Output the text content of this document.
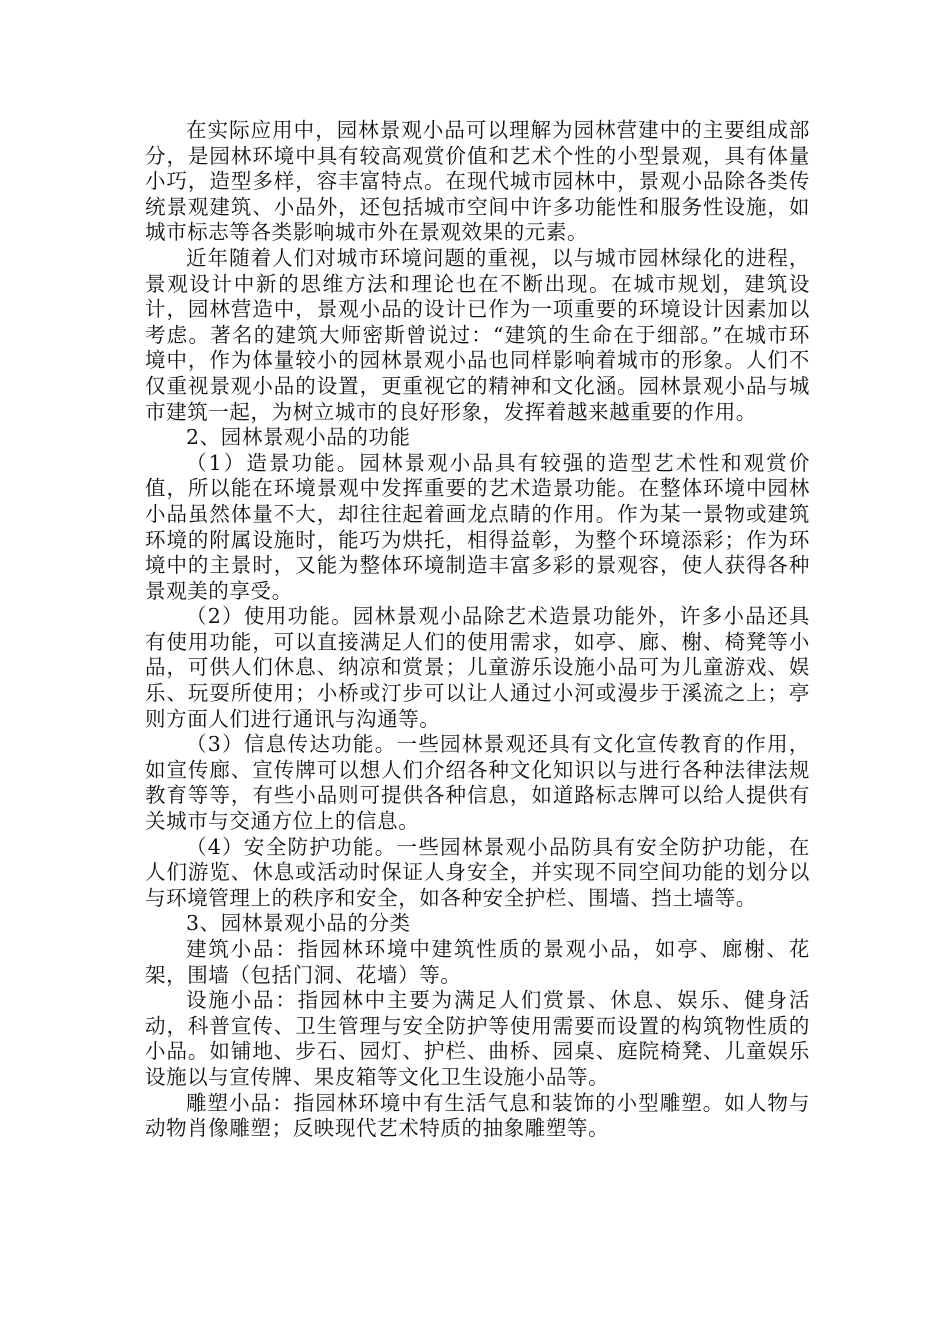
在实际应用中，园林景观小品可以理解为园林营建中的主要组成部分，是园林环境中具有较高观赏价值和艺术个性的小型景观，具有体量小巧，造型多样，容丰富特点。在现代城市园林中，景观小品除各类传统景观建筑、小品外，还包括城市空间中许多功能性和服务性设施，如城市标志等各类影响城市外在景观效果的元素。

近年随着人们对城市环境问题的重视，以与城市园林绿化的进程，景观设计中新的思维方法和理论也在不断出现。在城市规划，建筑设计，园林营造中，景观小品的设计已作为一项重要的环境设计因素加以考虑。著名的建筑大师密斯曾说过：“建筑的生命在于细部。”在城市环境中，作为体量较小的园林景观小品也同样影响着城市的形象。人们不仅重视景观小品的设置，更重视它的精神和文化涵。园林景观小品与城市建筑一起，为树立城市的良好形象，发挥着越来越重要的作用。

2、园林景观小品的功能

（1）造景功能。园林景观小品具有较强的造型艺术性和观赏价值，所以能在环境景观中发挥重要的艺术造景功能。在整体环境中园林小品虽然体量不大，却往往起着画龙点睛的作用。作为某一景物或建筑环境的附属设施时，能巧为烘托，相得益彰，为整个环境添彩；作为环境中的主景时，又能为整体环境制造丰富多彩的景观容，使人获得各种景观美的享受。

（2）使用功能。园林景观小品除艺术造景功能外，许多小品还具有使用功能，可以直接满足人们的使用需求，如亭、廊、榭、椅凳等小品，可供人们休息、纳凉和赏景；儿童游乐设施小品可为儿童游戏、娱乐、玩耍所使用；小桥或汀步可以让人通过小河或漫步于溪流之上；亭则方面人们进行通讯与沟通等。

（3）信息传达功能。一些园林景观还具有文化宣传教育的作用，如宣传廊、宣传牌可以想人们介绍各种文化知识以与进行各种法律法规教育等等，有些小品则可提供各种信息，如道路标志牌可以给人提供有关城市与交通方位上的信息。

（4）安全防护功能。一些园林景观小品防具有安全防护功能，在人们游览、休息或活动时保证人身安全，并实现不同空间功能的划分以与环境管理上的秩序和安全，如各种安全护栏、围墙、挡土墙等。

3、园林景观小品的分类

建筑小品：指园林环境中建筑性质的景观小品，如亭、廊榭、花架，围墙（包括门洞、花墙）等。

设施小品：指园林中主要为满足人们赏景、休息、娱乐、健身活动，科普宣传、卫生管理与安全防护等使用需要而设置的构筑物性质的小品。如铺地、步石、园灯、护栏、曲桥、园桌、庭院椅凳、儿童娱乐设施以与宣传牌、果皮箱等文化卫生设施小品等。

雕塑小品：指园林环境中有生活气息和装饰的小型雕塑。如人物与动物肖像雕塑；反映现代艺术特质的抽象雕塑等。
